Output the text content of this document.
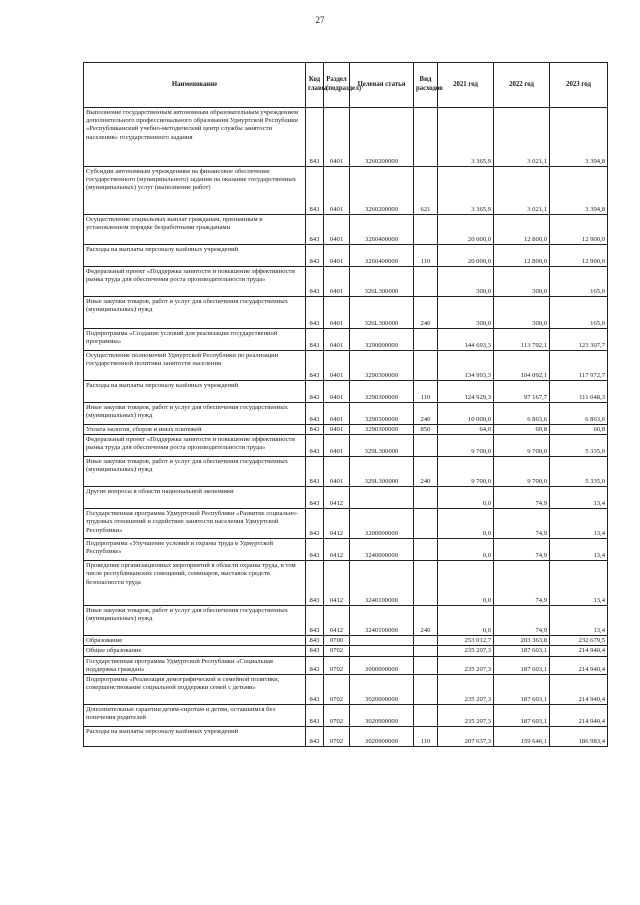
27
Наименование	Код главы	Раздел (подраздел)	Целевая статья	Вид расходов	2021 год	2022 год	2023 год
Выполнение государственным автономным образовательным учреждением дополнительного профессионального образования Удмуртской Республики «Республиканский учебно-методический центр службы занятости населения» государственного задания	843	0401	3260200000		3 365,9	3 021,1	3 394,8
Субсидии автономным учреждениям на финансовое обеспечение государственного (муниципального) задания на оказание государственных (муниципальных) услуг (выполнение работ)	843	0401	3260200000	621	3 365,9	3 021,1	3 394,8
Осуществление социальных выплат гражданам, признанным в установленном порядке безработными гражданами	843	0401	3260400000		20 000,0	12 800,0	12 900,0
Расходы на выплаты персоналу казённых учреждений	843	0401	3260400000	110	20 000,0	12 800,0	12 900,0
Федеральный проект «Поддержка занятости и повышение эффективности рынка труда для обеспечения роста производительности труда»	843	0401	326L300000		300,0	300,0	165,0
Иные закупки товаров, работ и услуг для обеспечения государственных (муниципальных) нужд	843	0401	326L300000	240	300,0	300,0	165,0
Подпрограмма «Создание условий для реализации государственной программы»	843	0401	3290000000		144 693,3	113 792,1	123 307,7
Осуществление полномочий Удмуртской Республики по реализации государственной политики занятости населения	843	0401	3290300000		134 993,3	104 092,1	117 972,7
Расходы на выплаты персоналу казённых учреждений	843	0401	3290300000	110	124 929,3	97 167,7	111 048,3
Иные закупки товаров, работ и услуг для обеспечения государственных (муниципальных) нужд	843	0401	3290300000	240	10 000,0	6 863,6	6 863,6
Уплата налогов, сборов и иных платежей	843	0401	3290300000	850	64,0	60,8	60,8
Федеральный проект «Поддержка занятости и повышение эффективности рынка труда для обеспечения роста производительности труда»	843	0401	329L300000		9 700,0	9 700,0	5 335,0
Иные закупки товаров, работ и услуг для обеспечения государственных (муниципальных) нужд	843	0401	329L300000	240	9 700,0	9 700,0	5 335,0
Другие вопросы в области национальной экономики	843	0412			0,0	74,9	13,4
Государственная программа Удмуртской Республики «Развитие социально-трудовых отношений и содействие занятости населения Удмуртской Республики»	843	0412	3200000000		0,0	74,9	13,4
Подпрограмма «Улучшение условий и охраны труда в Удмуртской Республике»	843	0412	3240000000		0,0	74,9	13,4
Проведение организационных мероприятий в области охраны труда, в том числе республиканских совещаний, семинаров, выставок средств безопасности труда	843	0412	3240100000		0,0	74,9	13,4
Иные закупки товаров, работ и услуг для обеспечения государственных (муниципальных) нужд	843	0412	3240100000	240	0,0	74,9	13,4
Образование	843	0700			253 012,7	203 363,8	232 679,5
Общее образование	843	0702			235 207,3	187 603,1	214 940,4
Государственная программа Удмуртской Республики «Социальная поддержка граждан»	843	0702	3000000000		235 207,3	187 603,1	214 940,4
Подпрограмма «Реализация демографической и семейной политики, совершенствование социальной поддержки семей с детьми»	843	0702	3020000000		235 207,3	187 603,1	214 940,4
Дополнительные гарантии детям-сиротам и детям, оставшимся без попечения родителей	843	0702	3020900000		235 207,3	187 603,1	214 940,4
Расходы на выплаты персоналу казённых учреждений	843	0702	3020900000	110	207 637,3	159 646,1	186 983,4
